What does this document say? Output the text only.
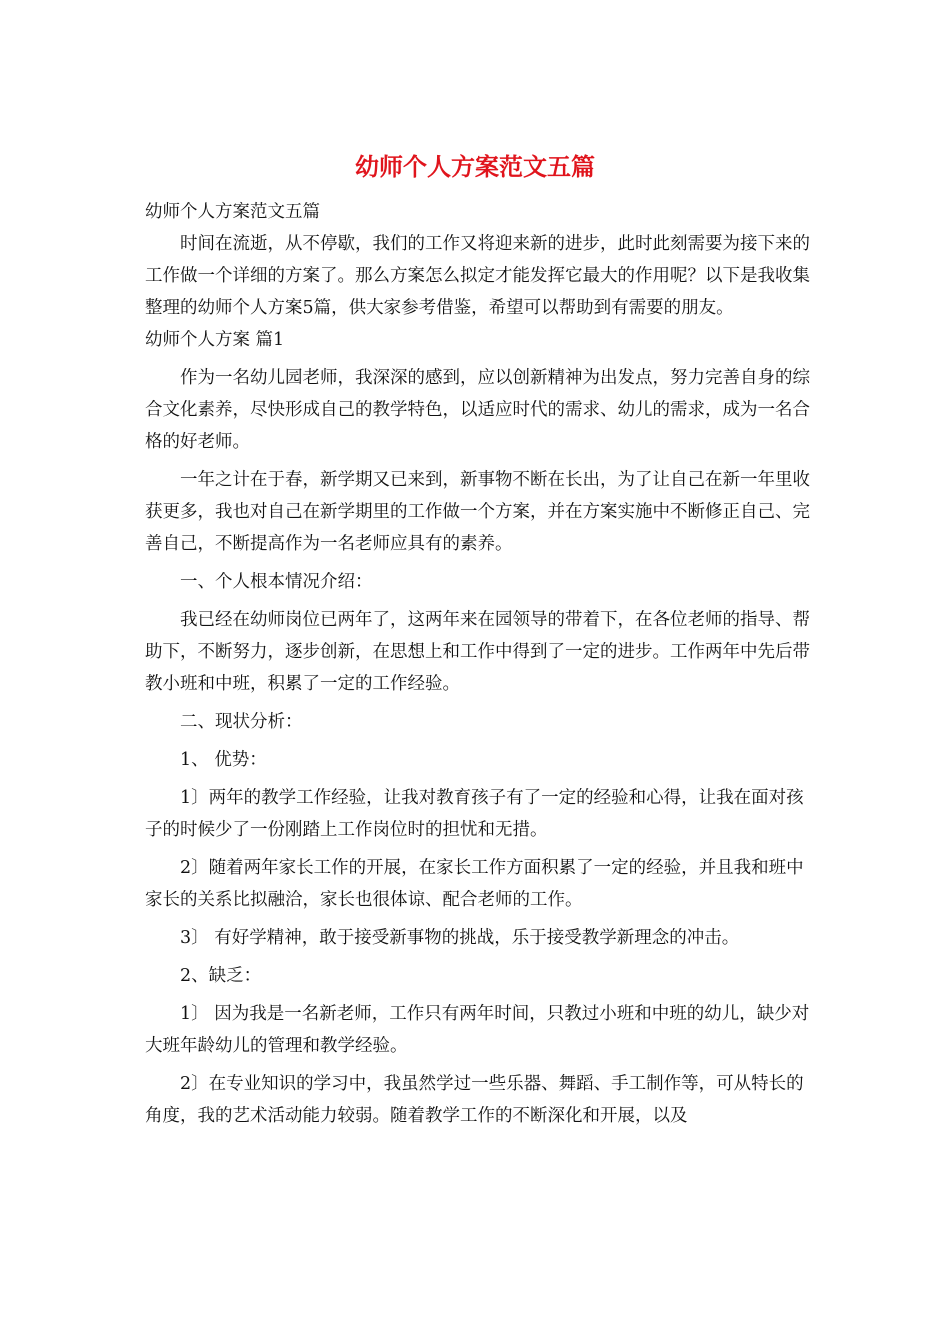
幼师个人方案范文五篇

幼师个人方案范文五篇

时间在流逝，从不停歇，我们的工作又将迎来新的进步，此时此刻需要为接下来的工作做一个详细的方案了。那么方案怎么拟定才能发挥它最大的作用呢？以下是我收集整理的幼师个人方案5篇，供大家参考借鉴，希望可以帮助到有需要的朋友。

幼师个人方案 篇1

作为一名幼儿园老师，我深深的感到，应以创新精神为出发点，努力完善自身的综合文化素养，尽快形成自己的教学特色，以适应时代的需求、幼儿的需求，成为一名合格的好老师。

一年之计在于春，新学期又已来到，新事物不断在长出，为了让自己在新一年里收获更多，我也对自己在新学期里的工作做一个方案，并在方案实施中不断修正自己、完善自己，不断提高作为一名老师应具有的素养。

一、个人根本情况介绍：

我已经在幼师岗位已两年了，这两年来在园领导的带着下，在各位老师的指导、帮助下，不断努力，逐步创新，在思想上和工作中得到了一定的进步。工作两年中先后带教小班和中班，积累了一定的工作经验。

二、现状分析：

1、 优势：

1〕两年的教学工作经验，让我对教育孩子有了一定的经验和心得，让我在面对孩子的时候少了一份刚踏上工作岗位时的担忧和无措。

2〕随着两年家长工作的开展，在家长工作方面积累了一定的经验，并且我和班中家长的关系比拟融洽，家长也很体谅、配合老师的工作。

3〕 有好学精神，敢于接受新事物的挑战，乐于接受教学新理念的冲击。

2、缺乏：

1〕 因为我是一名新老师，工作只有两年时间，只教过小班和中班的幼儿，缺少对大班年龄幼儿的管理和教学经验。

2〕在专业知识的学习中，我虽然学过一些乐器、舞蹈、手工制作等，可从特长的角度，我的艺术活动能力较弱。随着教学工作的不断深化和开展，以及
